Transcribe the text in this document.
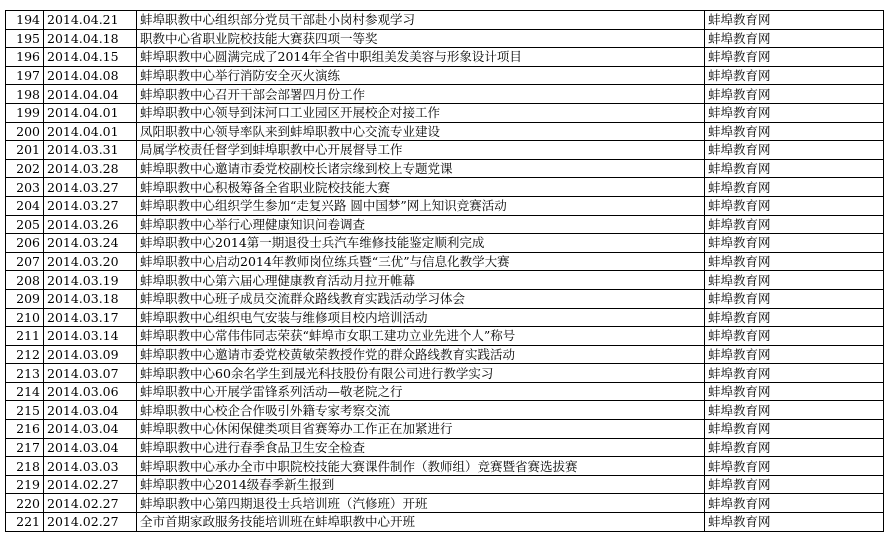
194	2014.04.21	蚌埠职教中心组织部分党员干部赴小岗村参观学习	蚌埠教育网
195	2014.04.18	职教中心省职业院校技能大赛获四项一等奖	蚌埠教育网
196	2014.04.15	蚌埠职教中心圆满完成了2014年全省中职组美发美容与形象设计项目	蚌埠教育网
197	2014.04.08	蚌埠职教中心举行消防安全灭火演练	蚌埠教育网
198	2014.04.04	蚌埠职教中心召开干部会部署四月份工作	蚌埠教育网
199	2014.04.01	蚌埠职教中心领导到沫河口工业园区开展校企对接工作	蚌埠教育网
200	2014.04.01	凤阳职教中心领导率队来到蚌埠职教中心交流专业建设	蚌埠教育网
201	2014.03.31	局属学校责任督学到蚌埠职教中心开展督导工作	蚌埠教育网
202	2014.03.28	蚌埠职教中心邀请市委党校副校长诸宗缘到校上专题党课	蚌埠教育网
203	2014.03.27	蚌埠职教中心积极筹备全省职业院校技能大赛	蚌埠教育网
204	2014.03.27	蚌埠职教中心组织学生参加“走复兴路 圆中国梦”网上知识竞赛活动	蚌埠教育网
205	2014.03.26	蚌埠职教中心举行心理健康知识问卷调查	蚌埠教育网
206	2014.03.24	蚌埠职教中心2014第一期退役士兵汽车维修技能鉴定顺利完成	蚌埠教育网
207	2014.03.20	蚌埠职教中心启动2014年教师岗位练兵暨“三优”与信息化教学大赛	蚌埠教育网
208	2014.03.19	蚌埠职教中心第六届心理健康教育活动月拉开帷幕	蚌埠教育网
209	2014.03.18	蚌埠职教中心班子成员交流群众路线教育实践活动学习体会	蚌埠教育网
210	2014.03.17	蚌埠职教中心组织电气安装与维修项目校内培训活动	蚌埠教育网
211	2014.03.14	蚌埠职教中心常伟伟同志荣获“蚌埠市女职工建功立业先进个人”称号	蚌埠教育网
212	2014.03.09	蚌埠职教中心邀请市委党校黄敏荣教授作党的群众路线教育实践活动	蚌埠教育网
213	2014.03.07	蚌埠职教中心60余名学生到晟光科技股份有限公司进行教学实习	蚌埠教育网
214	2014.03.06	蚌埠职教中心开展学雷锋系列活动—敬老院之行	蚌埠教育网
215	2014.03.04	蚌埠职教中心校企合作吸引外籍专家考察交流	蚌埠教育网
216	2014.03.04	蚌埠职教中心休闲保健类项目省赛筹办工作正在加紧进行	蚌埠教育网
217	2014.03.04	蚌埠职教中心进行春季食品卫生安全检查	蚌埠教育网
218	2014.03.03	蚌埠职教中心承办全市中职院校技能大赛课件制作（教师组）竞赛暨省赛选拔赛	蚌埠教育网
219	2014.02.27	蚌埠职教中心2014级春季新生报到	蚌埠教育网
220	2014.02.27	蚌埠职教中心第四期退役士兵培训班（汽修班）开班	蚌埠教育网
221	2014.02.27	全市首期家政服务技能培训班在蚌埠职教中心开班	蚌埠教育网
